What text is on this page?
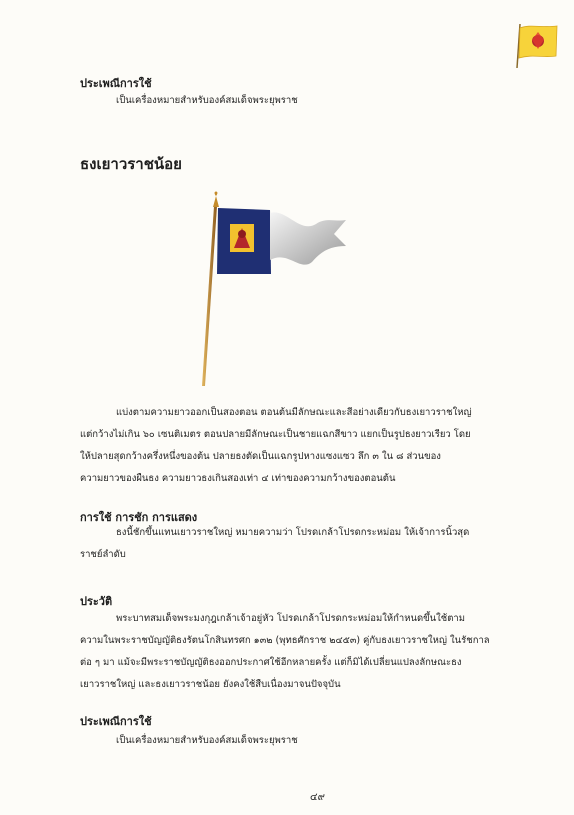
ประเพณีการใช้
เป็นเครื่องหมายสำหรับองค์สมเด็จพระยุพราช
ธงเยาวราชน้อย
แบ่งตามความยาวออกเป็นสองตอน ตอนต้นมีลักษณะและสีอย่างเดียวกับธงเยาวราชใหญ่
แต่กว้างไม่เกิน ๖๐ เซนติเมตร ตอนปลายมีลักษณะเป็นชายแฉกสีขาว แยกเป็นรูปธงยาวเรียว โดย
ให้ปลายสุดกว้างครึ่งหนึ่งของต้น ปลายธงตัดเป็นแฉกรูปหางแซงแซว ลึก ๓ ใน ๘ ส่วนของ
ความยาวของผืนธง ความยาวธงเกินสองเท่า ๔ เท่าของความกว้างของตอนต้น
การใช้ การชัก การแสดง
ธงนี้ชักขึ้นแทนเยาวราชใหญ่ หมายความว่า โปรดเกล้าโปรดกระหม่อม ให้เจ้าการนิ้วสุด
ราชย์ลำดับ
ประวัติ
พระบาทสมเด็จพระมงกุฎเกล้าเจ้าอยู่หัว โปรดเกล้าโปรดกระหม่อมให้กำหนดขึ้นใช้ตาม
ความในพระราชบัญญัติธงรัตนโกสินทรศก ๑๓๒ (พุทธศักราช ๒๔๕๓) คู่กับธงเยาวราชใหญ่ ในรัชกาล
ต่อ ๆ มา แม้จะมีพระราชบัญญัติธงออกประกาศใช้อีกหลายครั้ง แต่ก็มิได้เปลี่ยนแปลงลักษณะธง
เยาวราชใหญ่ และธงเยาวราชน้อย ยังคงใช้สืบเนื่องมาจนปัจจุบัน
ประเพณีการใช้
เป็นเครื่องหมายสำหรับองค์สมเด็จพระยุพราช
๔๙
